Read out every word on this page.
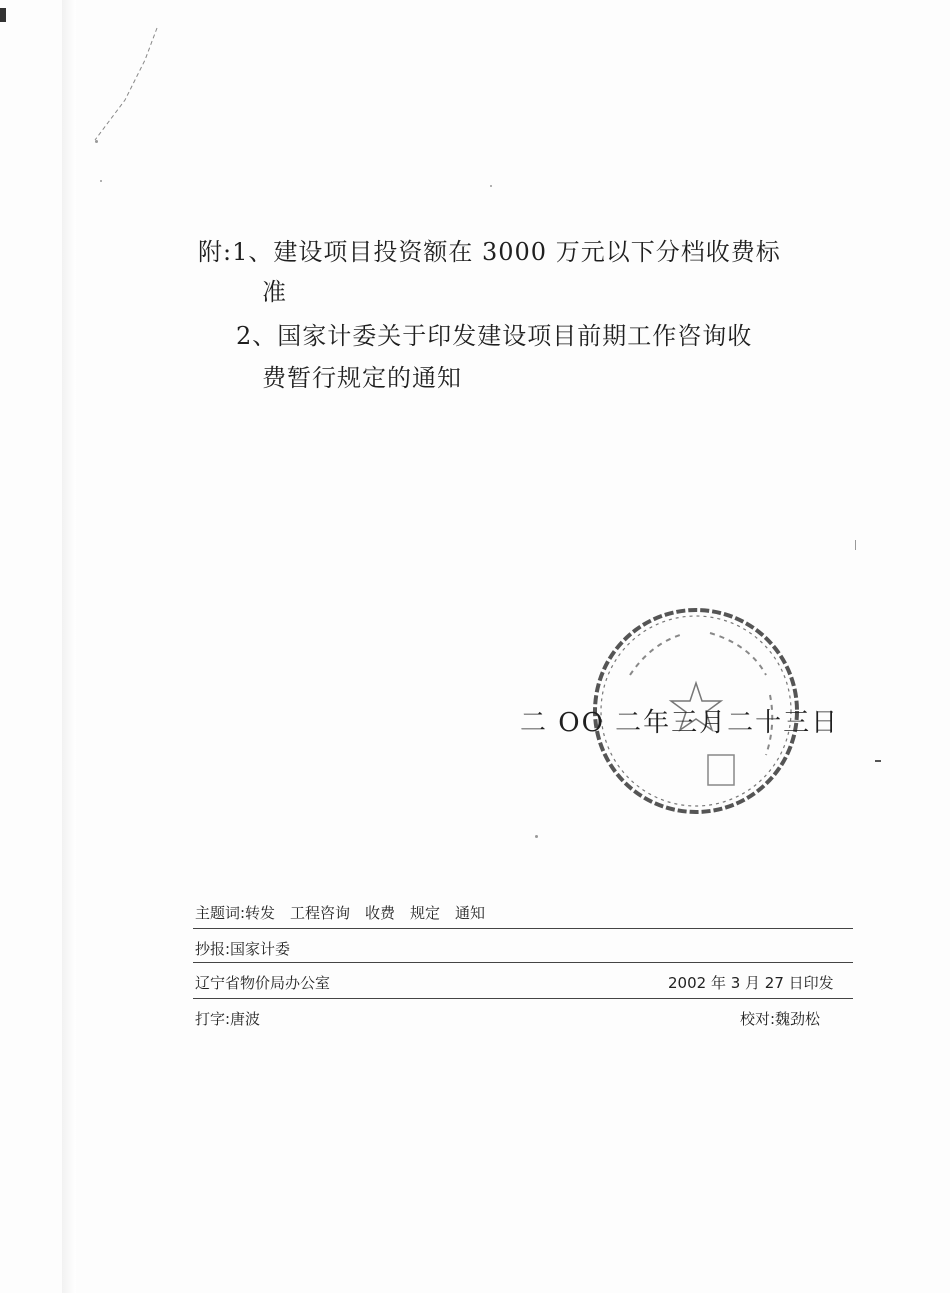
附:1、建设项目投资额在 3000 万元以下分档收费标
准
2、国家计委关于印发建设项目前期工作咨询收
费暂行规定的通知
二 OO 二年三月二十三日
主题词:转发　工程咨询　收费　规定　通知
抄报:国家计委
辽宁省物价局办公室	2002 年 3 月 27 日印发
打字:唐波	校对:魏劲松
